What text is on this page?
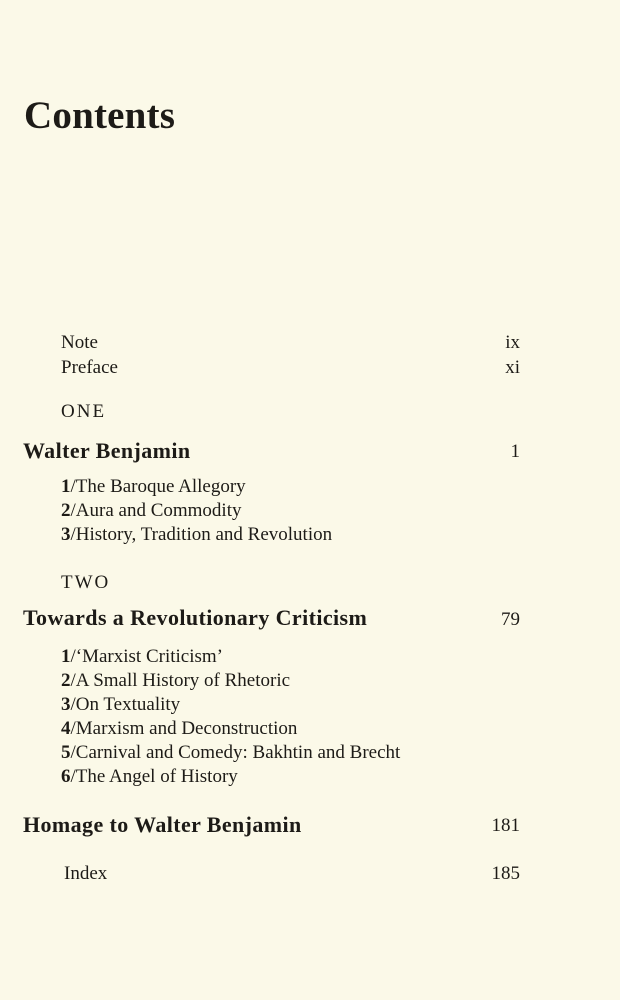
Contents
Note	ix
Preface	xi
ONE
Walter Benjamin	1
1/The Baroque Allegory
2/Aura and Commodity
3/History, Tradition and Revolution
TWO
Towards a Revolutionary Criticism	79
1/‘Marxist Criticism’
2/A Small History of Rhetoric
3/On Textuality
4/Marxism and Deconstruction
5/Carnival and Comedy: Bakhtin and Brecht
6/The Angel of History
Homage to Walter Benjamin	181
Index	185
